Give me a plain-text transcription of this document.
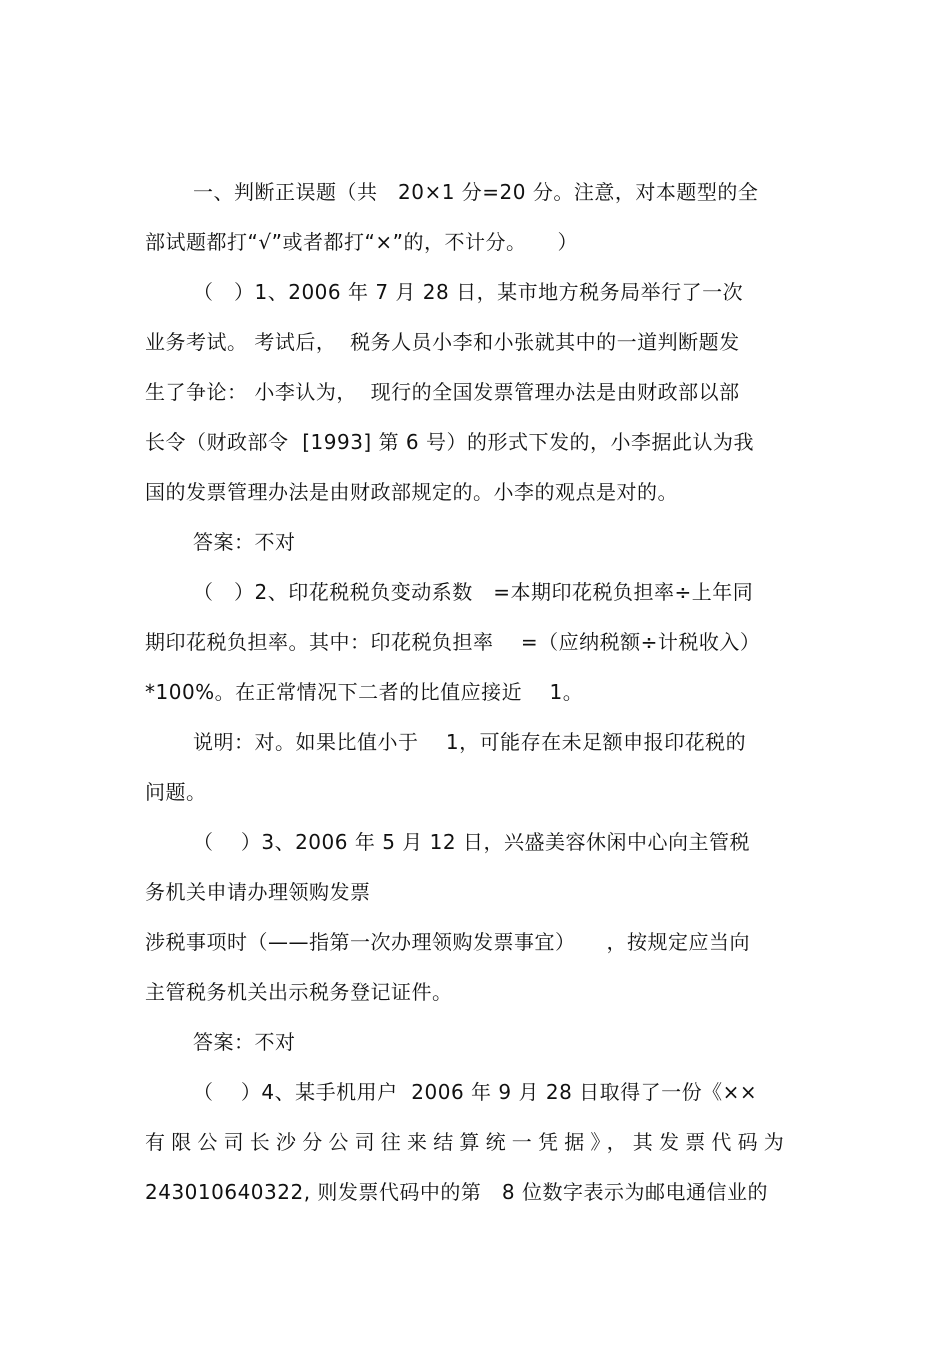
一、判断正误题（共　20×1 分=20 分。注意，对本题型的全
部试题都打“√”或者都打“×”的，不计分。　　）
（　）1、2006 年 7 月 28 日，某市地方税务局举行了一次
业务考试。 考试后，  税务人员小李和小张就其中的一道判断题发
生了争论： 小李认为，  现行的全国发票管理办法是由财政部以部
长令（财政部令  [1993] 第 6 号）的形式下发的，小李据此认为我
国的发票管理办法是由财政部规定的。小李的观点是对的。
答案：不对
（　）2、印花税税负变动系数　=本期印花税负担率÷上年同
期印花税负担率。其中：印花税负担率　 =（应纳税额÷计税收入）
*100%。在正常情况下二者的比值应接近　 1。
说明：对。如果比值小于　 1，可能存在未足额申报印花税的
问题。
（　 ）3、2006 年 5 月 12 日，兴盛美容休闲中心向主管税
务机关申请办理领购发票
涉税事项时（——指第一次办理领购发票事宜）　　，按规定应当向
主管税务机关出示税务登记证件。
答案：不对
（　 ）4、某手机用户  2006 年 9 月 28 日取得了一份《××
有限公司长沙分公司往来结算统一凭据》，其发票代码为
243010640322, 则发票代码中的第　8 位数字表示为邮电通信业的
